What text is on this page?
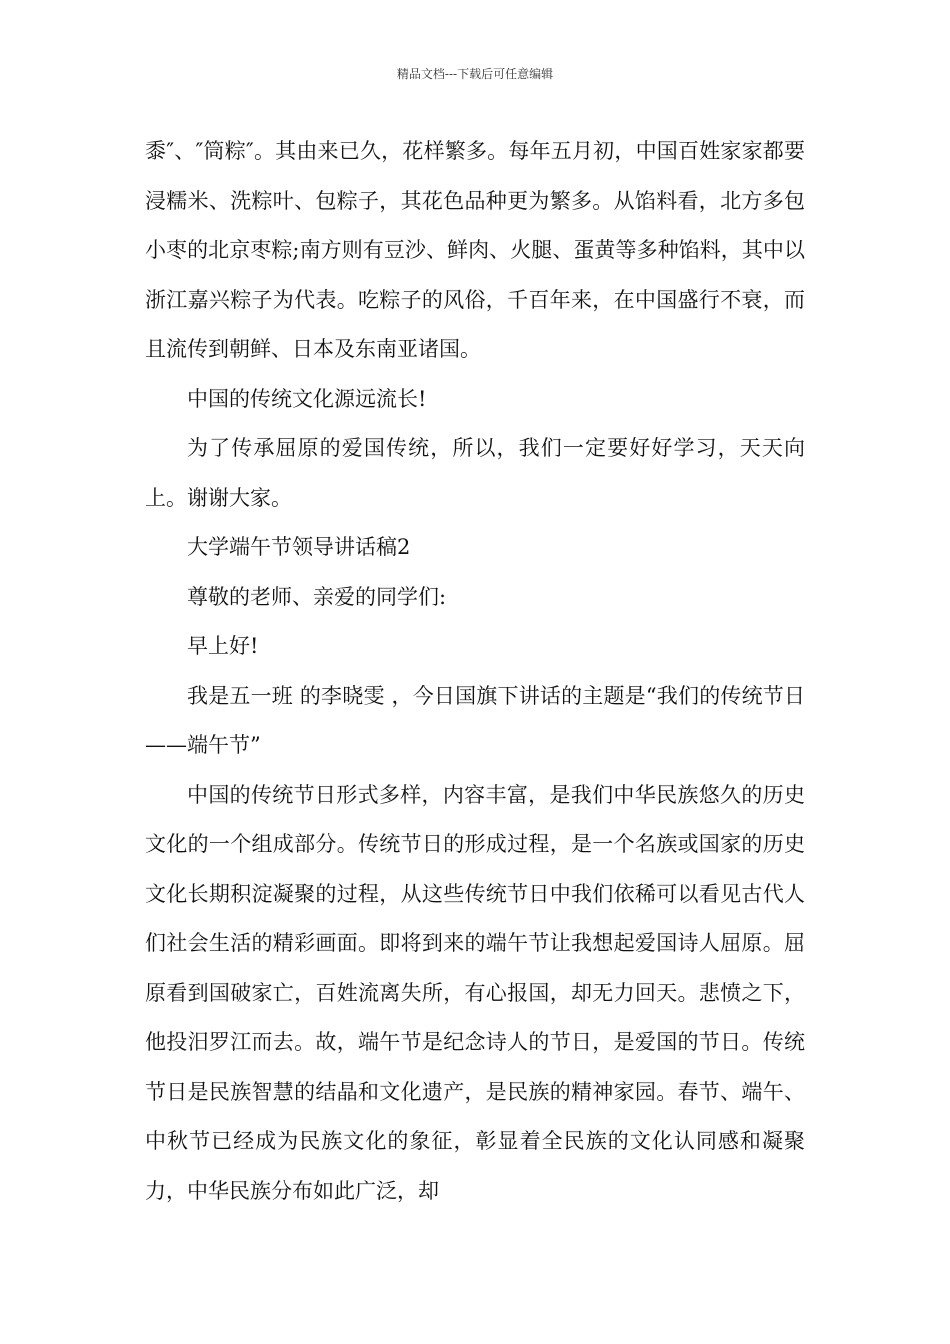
精品文档---下载后可任意编辑

黍″、″筒粽″。其由来已久，花样繁多。每年五月初，中国百姓家家都要浸糯米、洗粽叶、包粽子，其花色品种更为繁多。从馅料看，北方多包小枣的北京枣粽;南方则有豆沙、鲜肉、火腿、蛋黄等多种馅料，其中以浙江嘉兴粽子为代表。吃粽子的风俗，千百年来，在中国盛行不衰，而且流传到朝鲜、日本及东南亚诸国。

中国的传统文化源远流长!

为了传承屈原的爱国传统，所以，我们一定要好好学习，天天向上。谢谢大家。

大学端午节领导讲话稿2

尊敬的老师、亲爱的同学们:

早上好!

我是五一班 的李晓雯 ，今日国旗下讲话的主题是“我们的传统节日——端午节”

中国的传统节日形式多样，内容丰富，是我们中华民族悠久的历史文化的一个组成部分。传统节日的形成过程，是一个名族或国家的历史文化长期积淀凝聚的过程，从这些传统节日中我们依稀可以看见古代人们社会生活的精彩画面。即将到来的端午节让我想起爱国诗人屈原。屈原看到国破家亡，百姓流离失所，有心报国，却无力回天。悲愤之下，他投汨罗江而去。故，端午节是纪念诗人的节日，是爱国的节日。传统节日是民族智慧的结晶和文化遗产，是民族的精神家园。春节、端午、中秋节已经成为民族文化的象征，彰显着全民族的文化认同感和凝聚力，中华民族分布如此广泛，却
